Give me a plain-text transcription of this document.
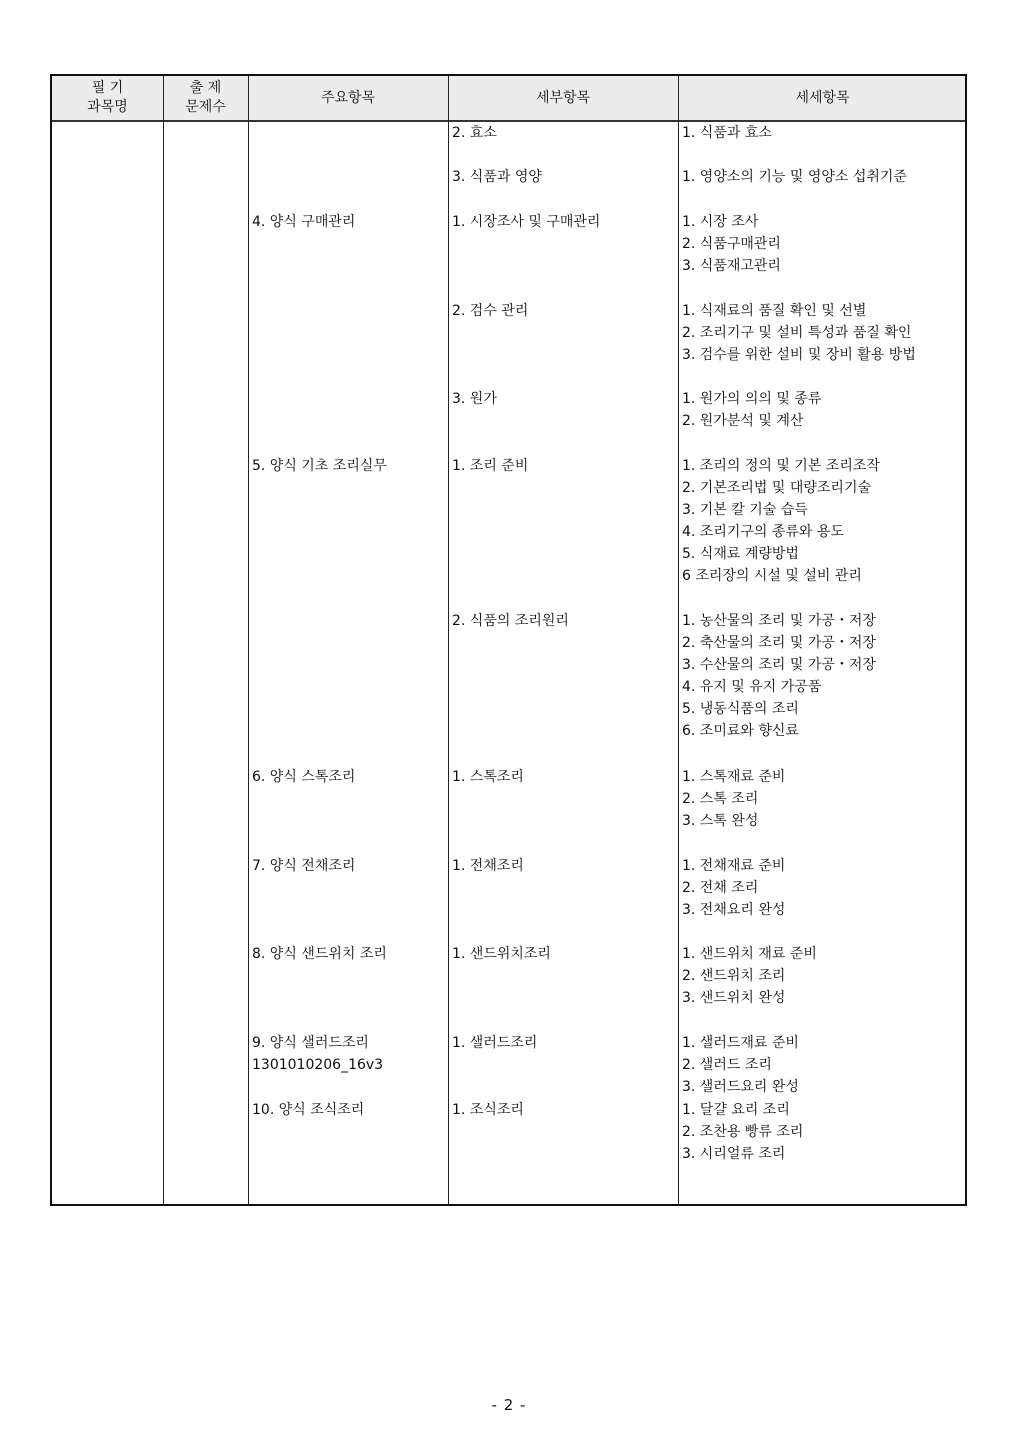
필 기
과목명
출 제
문제수
주요항목	세부항목	세세항목
4. 양식 구매관리
5. 양식 기초 조리실무
6. 양식 스톡조리
7. 양식 전채조리
8. 양식 샌드위치 조리
9. 양식 샐러드조리
1301010206_16v3
10. 양식 조식조리
2. 효소
3. 식품과 영양
1. 시장조사 및 구매관리
2. 검수 관리
3. 원가
1. 조리 준비
2. 식품의 조리원리
1. 스톡조리
1. 전채조리
1. 샌드위치조리
1. 샐러드조리
1. 조식조리
1. 식품과 효소
1. 영양소의 기능 및 영양소 섭취기준
1. 시장 조사
2. 식품구매관리
3. 식품재고관리
1. 식재료의 품질 확인 및 선별
2. 조리기구 및 설비 특성과 품질 확인
3. 검수를 위한 설비 및 장비 활용 방법
1. 원가의 의의 및 종류
2. 원가분석 및 계산
1. 조리의 정의 및 기본 조리조작
2. 기본조리법 및 대량조리기술
3. 기본 칼 기술 습득
4. 조리기구의 종류와 용도
5. 식재료 계량방법
6 조리장의 시설 및 설비 관리
1. 농산물의 조리 및 가공・저장
2. 축산물의 조리 및 가공・저장
3. 수산물의 조리 및 가공・저장
4. 유지 및 유지 가공품
5. 냉동식품의 조리
6. 조미료와 향신료
1. 스톡재료 준비
2. 스톡 조리
3. 스톡 완성
1. 전채재료 준비
2. 전채 조리
3. 전채요리 완성
1. 샌드위치 재료 준비
2. 샌드위치 조리
3. 샌드위치 완성
1. 샐러드재료 준비
2. 샐러드 조리
3. 샐러드요리 완성
1. 달걀 요리 조리
2. 조찬용 빵류 조리
3. 시리얼류 조리
- 2 -
